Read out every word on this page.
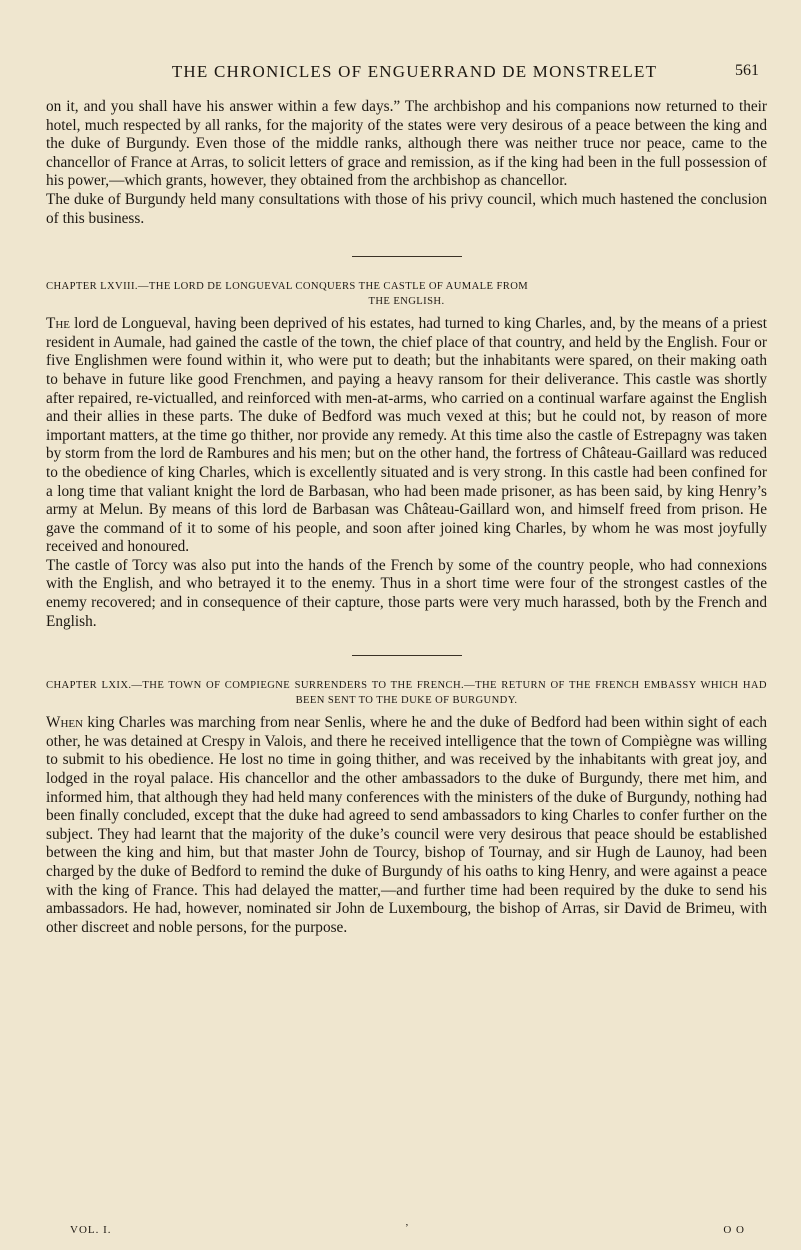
THE CHRONICLES OF ENGUERRAND DE MONSTRELET	561

on it, and you shall have his answer within a few days.” The archbishop and his companions now returned to their hotel, much respected by all ranks, for the majority of the states were very desirous of a peace between the king and the duke of Burgundy. Even those of the middle ranks, although there was neither truce nor peace, came to the chancellor of France at Arras, to solicit letters of grace and remission, as if the king had been in the full possession of his power,—which grants, however, they obtained from the archbishop as chancellor.

The duke of Burgundy held many consultations with those of his privy council, which much hastened the conclusion of this business.

CHAPTER LXVIII.—THE LORD DE LONGUEVAL CONQUERS THE CASTLE OF AUMALE FROM
THE ENGLISH.

The lord de Longueval, having been deprived of his estates, had turned to king Charles, and, by the means of a priest resident in Aumale, had gained the castle of the town, the chief place of that country, and held by the English. Four or five Englishmen were found within it, who were put to death; but the inhabitants were spared, on their making oath to behave in future like good Frenchmen, and paying a heavy ransom for their deliverance. This castle was shortly after repaired, re-victualled, and reinforced with men-at-arms, who carried on a continual warfare against the English and their allies in these parts. The duke of Bedford was much vexed at this; but he could not, by reason of more important matters, at the time go thither, nor provide any remedy. At this time also the castle of Estrepagny was taken by storm from the lord de Rambures and his men; but on the other hand, the fortress of Château-Gaillard was reduced to the obedience of king Charles, which is excellently situated and is very strong. In this castle had been confined for a long time that valiant knight the lord de Barbasan, who had been made prisoner, as has been said, by king Henry’s army at Melun. By means of this lord de Barbasan was Château-Gaillard won, and himself freed from prison. He gave the command of it to some of his people, and soon after joined king Charles, by whom he was most joyfully received and honoured.

The castle of Torcy was also put into the hands of the French by some of the country people, who had connexions with the English, and who betrayed it to the enemy. Thus in a short time were four of the strongest castles of the enemy recovered; and in consequence of their capture, those parts were very much harassed, both by the French and English.

CHAPTER LXIX.—THE TOWN OF COMPIEGNE SURRENDERS TO THE FRENCH.—THE RETURN OF THE FRENCH EMBASSY WHICH HAD BEEN SENT TO THE DUKE OF BURGUNDY.

When king Charles was marching from near Senlis, where he and the duke of Bedford had been within sight of each other, he was detained at Crespy in Valois, and there he received intelligence that the town of Compiègne was willing to submit to his obedience. He lost no time in going thither, and was received by the inhabitants with great joy, and lodged in the royal palace. His chancellor and the other ambassadors to the duke of Burgundy, there met him, and informed him, that although they had held many conferences with the ministers of the duke of Burgundy, nothing had been finally concluded, except that the duke had agreed to send ambassadors to king Charles to confer further on the subject. They had learnt that the majority of the duke’s council were very desirous that peace should be established between the king and him, but that master John de Tourcy, bishop of Tournay, and sir Hugh de Launoy, had been charged by the duke of Bedford to remind the duke of Burgundy of his oaths to king Henry, and were against a peace with the king of France. This had delayed the matter,—and further time had been required by the duke to send his ambassadors. He had, however, nominated sir John de Luxembourg, the bishop of Arras, sir David de Brimeu, with other discreet and noble persons, for the purpose.

VOL. I.	’	O O
